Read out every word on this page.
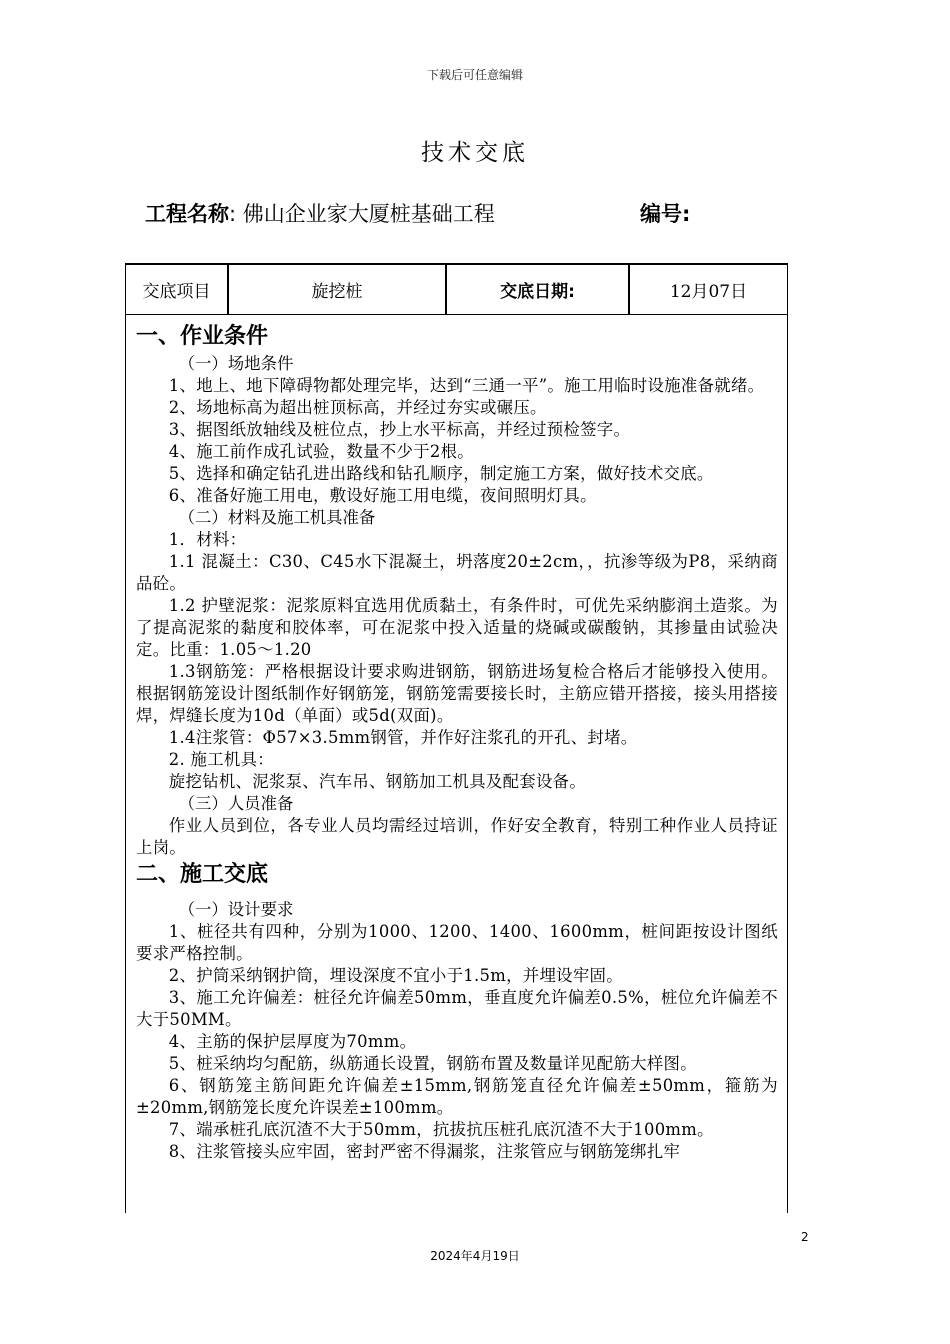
下载后可任意编辑
技术交底
工程名称: 佛山企业家大厦桩基础工程	编号:
交底项目	旋挖桩	交底日期:	12月07日
一、作业条件

（一）场地条件

1、地上、地下障碍物都处理完毕，达到“三通一平”。施工用临时设施准备就绪。

2、场地标高为超出桩顶标高，并经过夯实或碾压。

3、据图纸放轴线及桩位点，抄上水平标高，并经过预检签字。

4、施工前作成孔试验，数量不少于2根。

5、选择和确定钻孔进出路线和钻孔顺序，制定施工方案，做好技术交底。

6、准备好施工用电，敷设好施工用电缆，夜间照明灯具。

（二）材料及施工机具准备

1．材料：

1.1 混凝土：C30、C45水下混凝土，坍落度20±2cm，，抗渗等级为P8，采纳商品砼。

1.2 护壁泥浆：泥浆原料宜选用优质黏土，有条件时，可优先采纳膨润土造浆。为了提高泥浆的黏度和胶体率，可在泥浆中投入适量的烧碱或碳酸钠，其掺量由试验决定。比重：1.05～1.20

1.3钢筋笼：严格根据设计要求购进钢筋，钢筋进场复检合格后才能够投入使用。根据钢筋笼设计图纸制作好钢筋笼，钢筋笼需要接长时，主筋应错开搭接，接头用搭接焊，焊缝长度为10d（单面）或5d(双面)。

1.4注浆管：Φ57×3.5mm钢管，并作好注浆孔的开孔、封堵。

2. 施工机具：

旋挖钻机、泥浆泵、汽车吊、钢筋加工机具及配套设备。

（三）人员准备

作业人员到位，各专业人员均需经过培训，作好安全教育，特别工种作业人员持证上岗。

二、施工交底

（一）设计要求

1、桩径共有四种，分别为1000、1200、1400、1600mm，桩间距按设计图纸要求严格控制。

2、护筒采纳钢护筒，埋设深度不宜小于1.5m，并埋设牢固。

3、施工允许偏差：桩径允许偏差50mm，垂直度允许偏差0.5%，桩位允许偏差不大于50MM。

4、主筋的保护层厚度为70mm。

5、桩采纳均匀配筋，纵筋通长设置，钢筋布置及数量详见配筋大样图。

6、钢筋笼主筋间距允许偏差±15mm,钢筋笼直径允许偏差±50mm，箍筋为±20mm,钢筋笼长度允许误差±100mm。

7、端承桩孔底沉渣不大于50mm，抗拔抗压桩孔底沉渣不大于100mm。

8、注浆管接头应牢固，密封严密不得漏浆，注浆管应与钢筋笼绑扎牢

2
2024年4月19日
